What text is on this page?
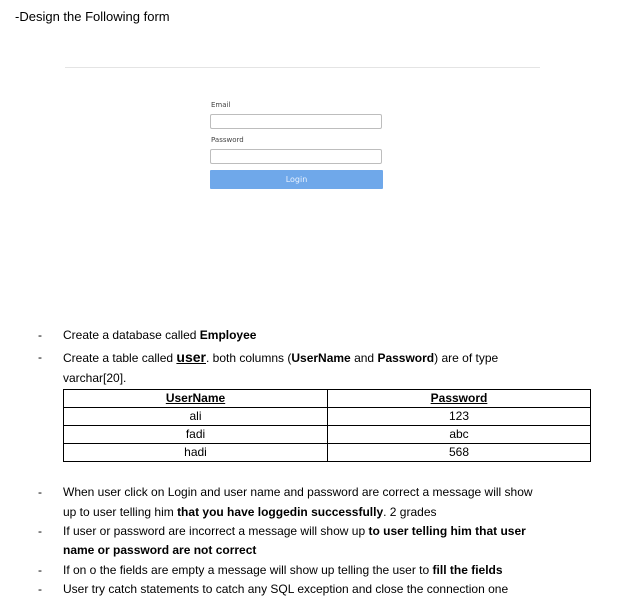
-Design the Following form
Email
Password
Login
- Create a database called Employee
- Create a table called user. both columns (UserName and Password) are of type
varchar[20].
UserName	Password
ali	123
fadi	abc
hadi	568
- When user click on Login and user name and password are correct a message will show
up to user telling him that you have loggedin successfully. 2 grades
- If user or password are incorrect a message will show up to user telling him that user
name or password are not correct
- If on o the fields are empty a message will show up telling the user to fill the fields
- User try catch statements to catch any SQL exception and close the connection one
